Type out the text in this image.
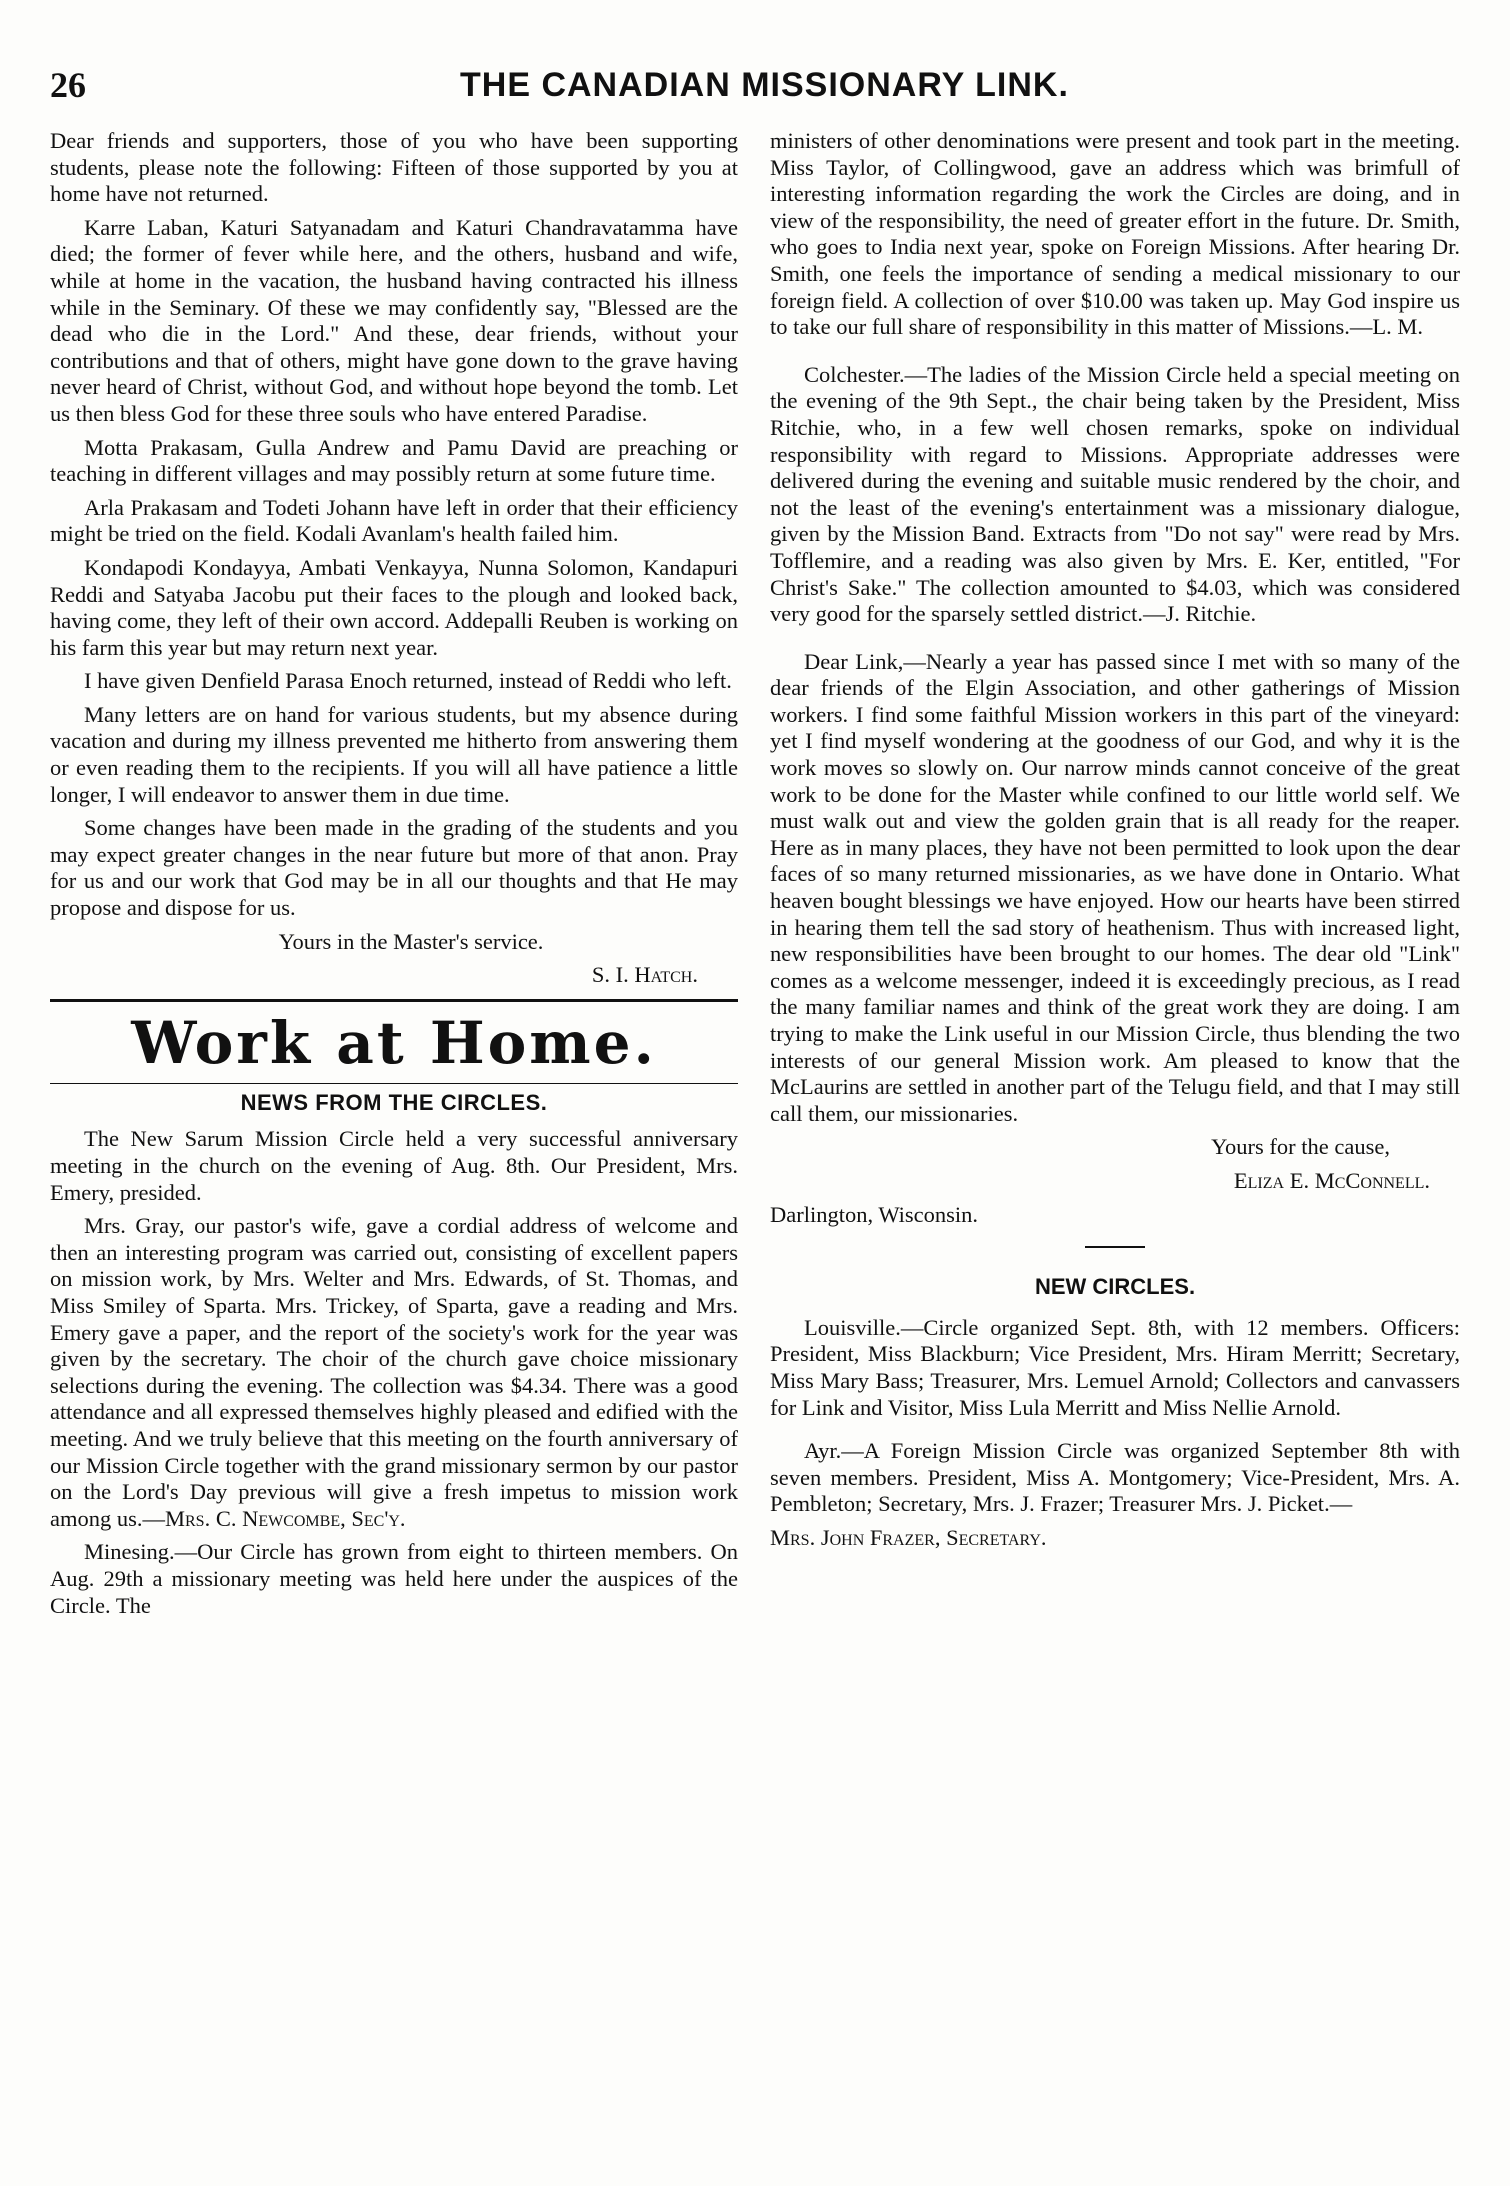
26	THE CANADIAN MISSIONARY LINK.

Dear friends and supporters, those of you who have been supporting students, please note the following: Fifteen of those supported by you at home have not returned.

Karre Laban, Katuri Satyanadam and Katuri Chandravatamma have died; the former of fever while here, and the others, husband and wife, while at home in the vacation, the husband having contracted his illness while in the Seminary. Of these we may confidently say, "Blessed are the dead who die in the Lord." And these, dear friends, without your contributions and that of others, might have gone down to the grave having never heard of Christ, without God, and without hope beyond the tomb. Let us then bless God for these three souls who have entered Paradise.

Motta Prakasam, Gulla Andrew and Pamu David are preaching or teaching in different villages and may possibly return at some future time.

Arla Prakasam and Todeti Johann have left in order that their efficiency might be tried on the field. Kodali Avanlam's health failed him.

Kondapodi Kondayya, Ambati Venkayya, Nunna Solomon, Kandapuri Reddi and Satyaba Jacobu put their faces to the plough and looked back, having come, they left of their own accord. Addepalli Reuben is working on his farm this year but may return next year.

I have given Denfield Parasa Enoch returned, instead of Reddi who left.

Many letters are on hand for various students, but my absence during vacation and during my illness prevented me hitherto from answering them or even reading them to the recipients. If you will all have patience a little longer, I will endeavor to answer them in due time.

Some changes have been made in the grading of the students and you may expect greater changes in the near future but more of that anon. Pray for us and our work that God may be in all our thoughts and that He may propose and dispose for us.

Yours in the Master's service.

S. I. Hatch.

Work at Home.
NEWS FROM THE CIRCLES.

The New Sarum Mission Circle held a very successful anniversary meeting in the church on the evening of Aug. 8th. Our President, Mrs. Emery, presided.

Mrs. Gray, our pastor's wife, gave a cordial address of welcome and then an interesting program was carried out, consisting of excellent papers on mission work, by Mrs. Welter and Mrs. Edwards, of St. Thomas, and Miss Smiley of Sparta. Mrs. Trickey, of Sparta, gave a reading and Mrs. Emery gave a paper, and the report of the society's work for the year was given by the secretary. The choir of the church gave choice missionary selections during the evening. The collection was $4.34. There was a good attendance and all expressed themselves highly pleased and edified with the meeting. And we truly believe that this meeting on the fourth anniversary of our Mission Circle together with the grand missionary sermon by our pastor on the Lord's Day previous will give a fresh impetus to mission work among us.—Mrs. C. Newcombe, Sec'y.

Minesing.—Our Circle has grown from eight to thirteen members. On Aug. 29th a missionary meeting was held here under the auspices of the Circle. The

ministers of other denominations were present and took part in the meeting. Miss Taylor, of Collingwood, gave an address which was brimfull of interesting information regarding the work the Circles are doing, and in view of the responsibility, the need of greater effort in the future. Dr. Smith, who goes to India next year, spoke on Foreign Missions. After hearing Dr. Smith, one feels the importance of sending a medical missionary to our foreign field. A collection of over $10.00 was taken up. May God inspire us to take our full share of responsibility in this matter of Missions.—L. M.

Colchester.—The ladies of the Mission Circle held a special meeting on the evening of the 9th Sept., the chair being taken by the President, Miss Ritchie, who, in a few well chosen remarks, spoke on individual responsibility with regard to Missions. Appropriate addresses were delivered during the evening and suitable music rendered by the choir, and not the least of the evening's entertainment was a missionary dialogue, given by the Mission Band. Extracts from "Do not say" were read by Mrs. Tofflemire, and a reading was also given by Mrs. E. Ker, entitled, "For Christ's Sake." The collection amounted to $4.03, which was considered very good for the sparsely settled district.—J. Ritchie.

Dear Link,—Nearly a year has passed since I met with so many of the dear friends of the Elgin Association, and other gatherings of Mission workers. I find some faithful Mission workers in this part of the vineyard: yet I find myself wondering at the goodness of our God, and why it is the work moves so slowly on. Our narrow minds cannot conceive of the great work to be done for the Master while confined to our little world self. We must walk out and view the golden grain that is all ready for the reaper. Here as in many places, they have not been permitted to look upon the dear faces of so many returned missionaries, as we have done in Ontario. What heaven bought blessings we have enjoyed. How our hearts have been stirred in hearing them tell the sad story of heathenism. Thus with increased light, new responsibilities have been brought to our homes. The dear old "Link" comes as a welcome messenger, indeed it is exceedingly precious, as I read the many familiar names and think of the great work they are doing. I am trying to make the Link useful in our Mission Circle, thus blending the two interests of our general Mission work. Am pleased to know that the McLaurins are settled in another part of the Telugu field, and that I may still call them, our missionaries.

Yours for the cause,

Eliza E. McConnell.

Darlington, Wisconsin.

NEW CIRCLES.

Louisville.—Circle organized Sept. 8th, with 12 members. Officers: President, Miss Blackburn; Vice President, Mrs. Hiram Merritt; Secretary, Miss Mary Bass; Treasurer, Mrs. Lemuel Arnold; Collectors and canvassers for Link and Visitor, Miss Lula Merritt and Miss Nellie Arnold.

Ayr.—A Foreign Mission Circle was organized September 8th with seven members. President, Miss A. Montgomery; Vice-President, Mrs. A. Pembleton; Secretary, Mrs. J. Frazer; Treasurer Mrs. J. Picket.—

Mrs. John Frazer, Secretary.
